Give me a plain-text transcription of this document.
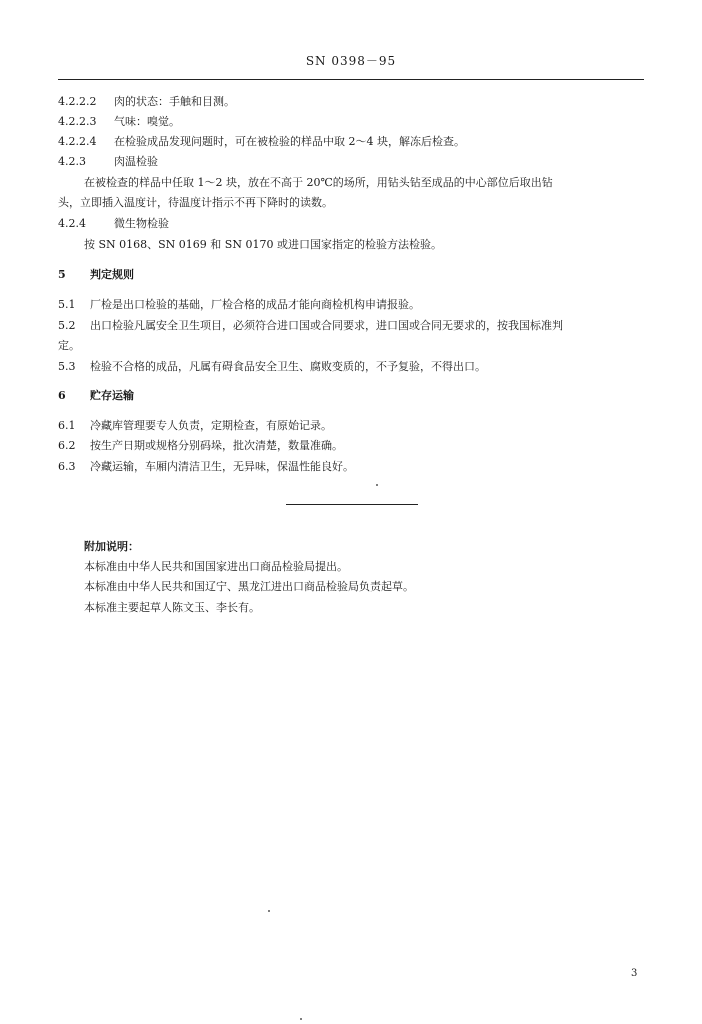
SN 0398－95
4.2.2.2 肉的状态：手触和目测。
4.2.2.3 气味：嗅觉。
4.2.2.4 在检验成品发现问题时，可在被检验的样品中取 2～4 块，解冻后检查。
4.2.3	肉温检验
在被检查的样品中任取 1～2 块，放在不高于 20℃的场所，用钻头钻至成品的中心部位后取出钻
头，立即插入温度计，待温度计指示不再下降时的读数。
4.2.4	微生物检验
按 SN 0168、SN 0169 和 SN 0170 或进口国家指定的检验方法检验。
5 判定规则
5.1 厂检是出口检验的基础，厂检合格的成品才能向商检机构申请报验。
5.2 出口检验凡属安全卫生项目，必须符合进口国或合同要求，进口国或合同无要求的，按我国标准判
定。
5.3 检验不合格的成品，凡属有碍食品安全卫生、腐败变质的，不予复验，不得出口。
6 贮存运输
6.1 冷藏库管理要专人负责，定期检查，有原始记录。
6.2 按生产日期或规格分别码垛，批次清楚，数量准确。
6.3 冷藏运输，车厢内清洁卫生，无异味，保温性能良好。
附加说明：
本标准由中华人民共和国国家进出口商品检验局提出。
本标准由中华人民共和国辽宁、黑龙江进出口商品检验局负责起草。
本标准主要起草人陈文玉、李长有。
3
